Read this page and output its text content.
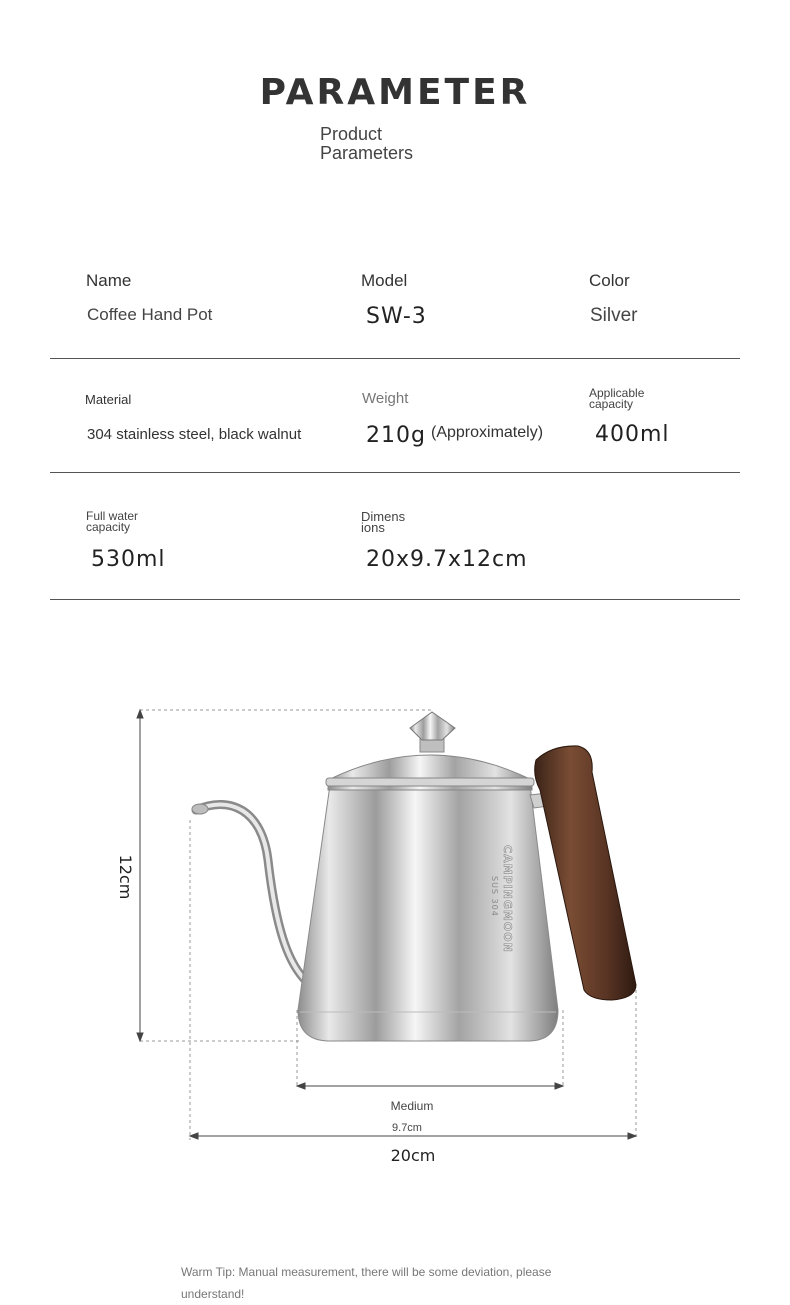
PARAMETER
Product Parameters
Name
Coffee Hand Pot
Model
SW-3
Color
Silver
Material
304 stainless steel, black walnut
Weight
210g (Approximately)
Applicable capacity
400ml
Full water capacity
530ml
Dimens ions
20x9.7x12cm
CAMPINGMOON
SUS 304
12cm
Medium
9.7cm
20cm
Warm Tip: Manual measurement, there will be some deviation, please understand!
